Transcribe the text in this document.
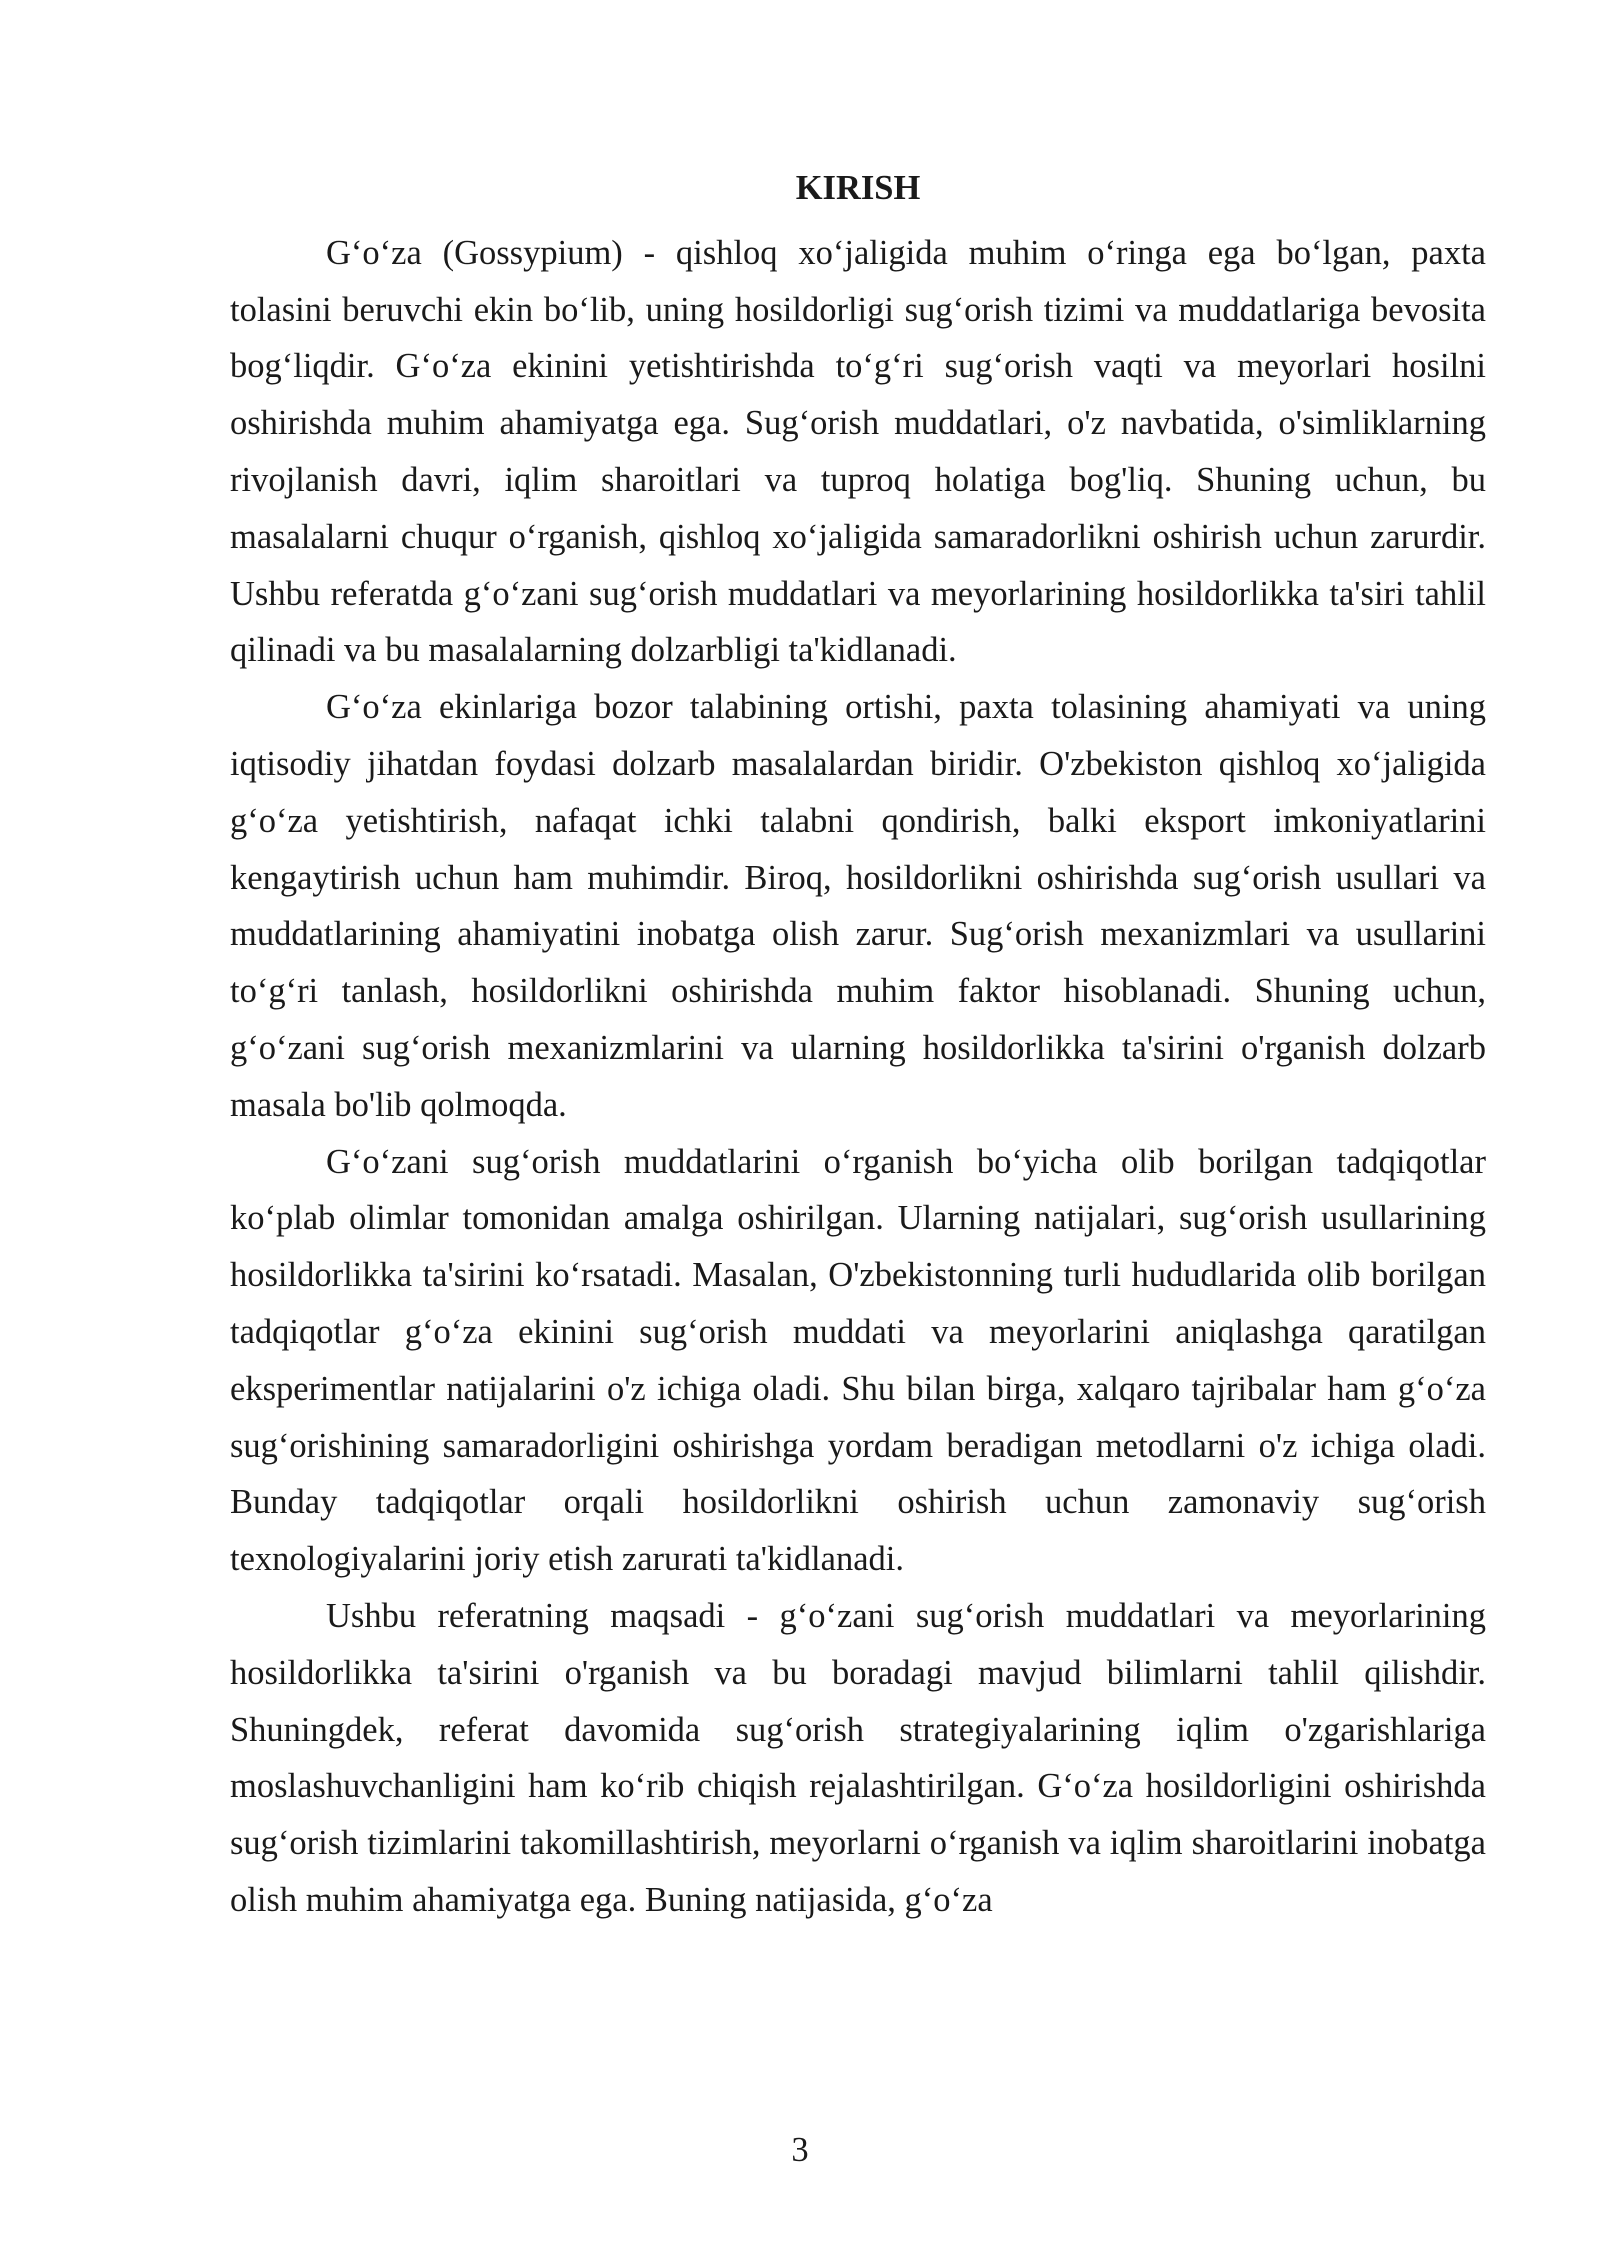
KIRISH

G‘o‘za (Gossypium) - qishloq xo‘jaligida muhim o‘ringa ega bo‘lgan, paxta tolasini beruvchi ekin bo‘lib, uning hosildorligi sug‘orish tizimi va muddatlariga bevosita bog‘liqdir. G‘o‘za ekinini yetishtirishda to‘g‘ri sug‘orish vaqti va meyorlari hosilni oshirishda muhim ahamiyatga ega. Sug‘orish muddatlari, o'z navbatida, o'simliklarning rivojlanish davri, iqlim sharoitlari va tuproq holatiga bog'liq. Shuning uchun, bu masalalarni chuqur o‘rganish, qishloq xo‘jaligida samaradorlikni oshirish uchun zarurdir. Ushbu referatda g‘o‘zani sug‘orish muddatlari va meyorlarining hosildorlikka ta'siri tahlil qilinadi va bu masalalarning dolzarbligi ta'kidlanadi.

G‘o‘za ekinlariga bozor talabining ortishi, paxta tolasining ahamiyati va uning iqtisodiy jihatdan foydasi dolzarb masalalardan biridir. O'zbekiston qishloq xo‘jaligida g‘o‘za yetishtirish, nafaqat ichki talabni qondirish, balki eksport imkoniyatlarini kengaytirish uchun ham muhimdir. Biroq, hosildorlikni oshirishda sug‘orish usullari va muddatlarining ahamiyatini inobatga olish zarur. Sug‘orish mexanizmlari va usullarini to‘g‘ri tanlash, hosildorlikni oshirishda muhim faktor hisoblanadi. Shuning uchun, g‘o‘zani sug‘orish mexanizmlarini va ularning hosildorlikka ta'sirini o'rganish dolzarb masala bo'lib qolmoqda.

G‘o‘zani sug‘orish muddatlarini o‘rganish bo‘yicha olib borilgan tadqiqotlar ko‘plab olimlar tomonidan amalga oshirilgan. Ularning natijalari, sug‘orish usullarining hosildorlikka ta'sirini ko‘rsatadi. Masalan, O'zbekistonning turli hududlarida olib borilgan tadqiqotlar g‘o‘za ekinini sug‘orish muddati va meyorlarini aniqlashga qaratilgan eksperimentlar natijalarini o'z ichiga oladi. Shu bilan birga, xalqaro tajribalar ham g‘o‘za sug‘orishining samaradorligini oshirishga yordam beradigan metodlarni o'z ichiga oladi. Bunday tadqiqotlar orqali hosildorlikni oshirish uchun zamonaviy sug‘orish texnologiyalarini joriy etish zarurati ta'kidlanadi.

Ushbu referatning maqsadi - g‘o‘zani sug‘orish muddatlari va meyorlarining hosildorlikka ta'sirini o'rganish va bu boradagi mavjud bilimlarni tahlil qilishdir. Shuningdek, referat davomida sug‘orish strategiyalarining iqlim o'zgarishlariga moslashuvchanligini ham ko‘rib chiqish rejalashtirilgan. G‘o‘za hosildorligini oshirishda sug‘orish tizimlarini takomillashtirish, meyorlarni o‘rganish va iqlim sharoitlarini inobatga olish muhim ahamiyatga ega. Buning natijasida, g‘o‘za

3
